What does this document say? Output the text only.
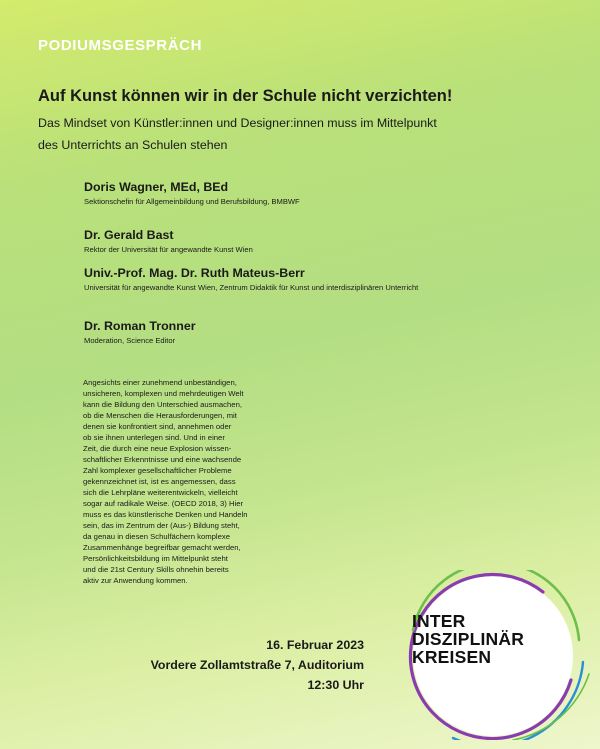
PODIUMSGESPRÄCH
Auf Kunst können wir in der Schule nicht verzichten!
Das Mindset von Künstler:innen und Designer:innen muss im Mittelpunkt
des Unterrichts an Schulen stehen
Doris Wagner, MEd, BEd
Sektionschefin für Allgemeinbildung und Berufsbildung, BMBWF
Dr. Gerald Bast
Rektor der Universität für angewandte Kunst Wien
Univ.-Prof. Mag. Dr. Ruth Mateus-Berr
Universität für angewandte Kunst Wien, Zentrum Didaktik für Kunst und interdisziplinären Unterricht
Dr. Roman Tronner
Moderation, Science Editor
Angesichts einer zunehmend unbeständigen,
unsicheren, komplexen und mehrdeutigen Welt
kann die Bildung den Unterschied ausmachen,
ob die Menschen die Herausforderungen, mit
denen sie konfrontiert sind, annehmen oder
ob sie ihnen unterlegen sind. Und in einer
Zeit, die durch eine neue Explosion wissen-
schaftlicher Erkenntnisse und eine wachsende
Zahl komplexer gesellschaftlicher Probleme
gekennzeichnet ist, ist es angemessen, dass
sich die Lehrpläne weiterentwickeln, vielleicht
sogar auf radikale Weise. (OECD 2018, 3) Hier
muss es das künstlerische Denken und Handeln
sein, das im Zentrum der (Aus-) Bildung steht,
da genau in diesen Schulfächern komplexe
Zusammenhänge begreifbar gemacht werden,
Persönlichkeitsbildung im Mittelpunkt steht
und die 21st Century Skills ohnehin bereits
aktiv zur Anwendung kommen.
16. Februar 2023
Vordere Zollamtstraße 7, Auditorium
12:30 Uhr
INTER
DISZIPLINÄR
KREISEN
